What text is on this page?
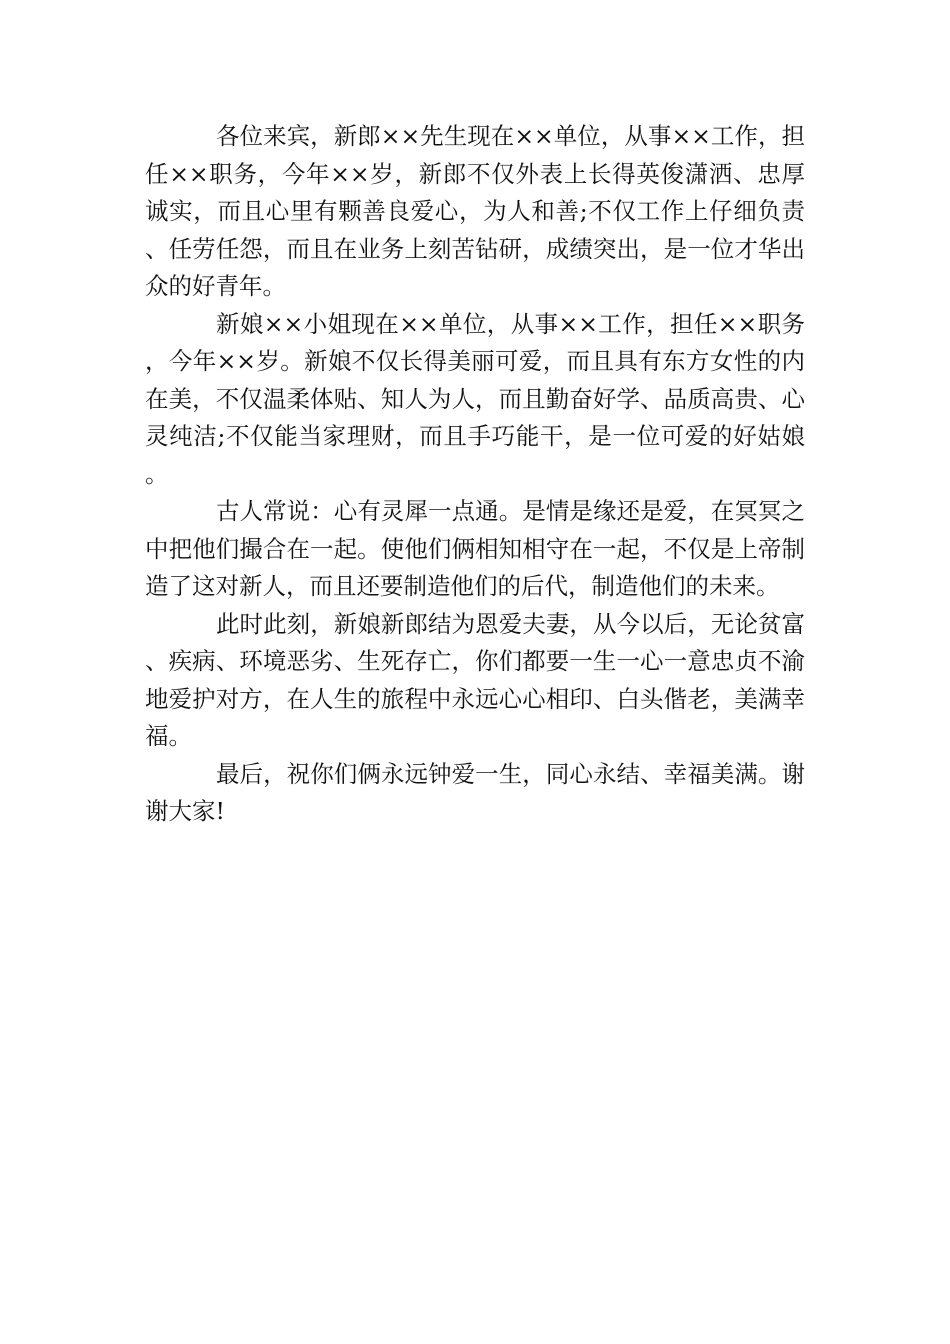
各位来宾，新郎××先生现在××单位，从事××工作，担任××职务，今年××岁，新郎不仅外表上长得英俊潇洒、忠厚诚实，而且心里有颗善良爱心，为人和善;不仅工作上仔细负责、任劳任怨，而且在业务上刻苦钻研，成绩突出，是一位才华出众的好青年。

新娘××小姐现在××单位，从事××工作，担任××职务，今年××岁。新娘不仅长得美丽可爱，而且具有东方女性的内在美，不仅温柔体贴、知人为人，而且勤奋好学、品质高贵、心灵纯洁;不仅能当家理财，而且手巧能干，是一位可爱的好姑娘。

古人常说：心有灵犀一点通。是情是缘还是爱，在冥冥之中把他们撮合在一起。使他们俩相知相守在一起，不仅是上帝制造了这对新人，而且还要制造他们的后代，制造他们的未来。

此时此刻，新娘新郎结为恩爱夫妻，从今以后，无论贫富、疾病、环境恶劣、生死存亡，你们都要一生一心一意忠贞不渝地爱护对方，在人生的旅程中永远心心相印、白头偕老，美满幸福。

最后，祝你们俩永远钟爱一生，同心永结、幸福美满。谢谢大家!
